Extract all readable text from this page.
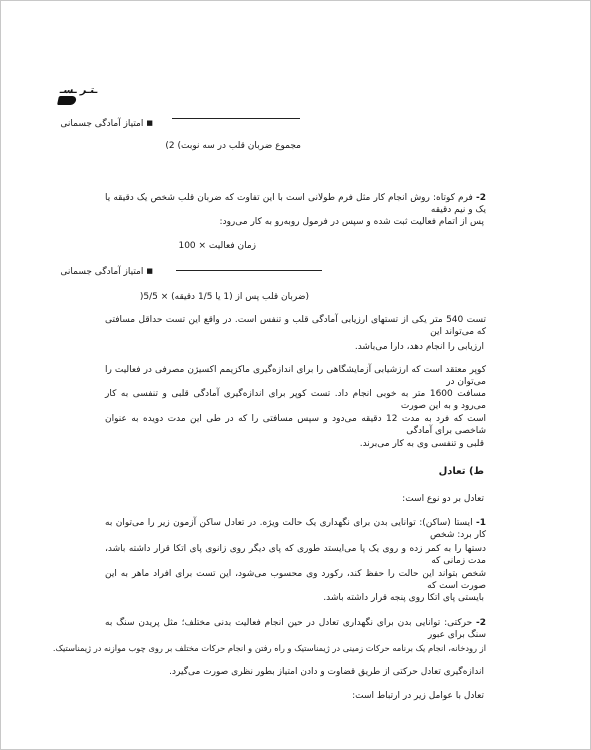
ـتـر ـسـ
■امتیاز آمادگی جسمانی
مجموع ضربان قلب در سه نوبت) 2)
2- فرم کوتاه: روش انجام کار مثل فرم طولانی است با این تفاوت که ضربان قلب شخص یک دقیقه یا یک و نیم دقیقه
پس از اتمام فعالیت ثبت شده و سپس در فرمول روبه‌رو به کار می‌رود:
زمان فعالیت × 100
■امتیاز آمادگی جسمانی
(ضربان قلب پس از (1 یا 1/5 دقیقه) × 5/5(
تست 540 متر یکی از تستهای ارزیابی آمادگی قلب و تنفس است. در واقع این تست حداقل مسافتی که می‌تواند این
ارزیابی را انجام دهد، دارا می‌باشد.
کوپر معتقد است که ارزشیابی آزمایشگاهی را برای اندازه‌گیری ماکزیمم اکسیژن مصرفی در فعالیت را می‌توان در
مسافت 1600 متر به خوبی انجام داد. تست کوپر برای اندازه‌گیری آمادگی قلبی و تنفسی به کار می‌رود و به این صورت
است که فرد به مدت 12 دقیقه می‌دود و سپس مسافتی را که در طی این مدت دویده به عنوان شاخصی برای آمادگی
قلبی و تنفسی وی به کار می‌برند.
ط) تعادل
تعادل بر دو نوع است:
1- ایستا (ساکن): توانایی بدن برای نگهداری یک حالت ویژه. در تعادل ساکن آزمون زیر را می‌توان به کار برد: شخص
دستها را به کمر زده و روی یک پا می‌ایستد طوری که پای دیگر روی زانوی پای اتکا قرار داشته باشد، مدت زمانی که
شخص بتواند این حالت را حفظ کند، رکورد وی محسوب می‌شود، این تست برای افراد ماهر به این صورت است که
بایستی پای اتکا روی پنجه قرار داشته باشد.
2- حرکتی: توانایی بدن برای نگهداری تعادل در حین انجام فعالیت بدنی مختلف؛ مثل پریدن سنگ به سنگ برای عبور
از رودخانه، انجام یک برنامه حرکات زمینی در ژیمناستیک و راه رفتن و انجام حرکات مختلف بر روی چوب موازنه در ژیمناستیک.
اندازه‌گیری تعادل حرکتی از طریق قضاوت و دادن امتیاز بطور نظری صورت می‌گیرد.
تعادل با عوامل زیر در ارتباط است:
